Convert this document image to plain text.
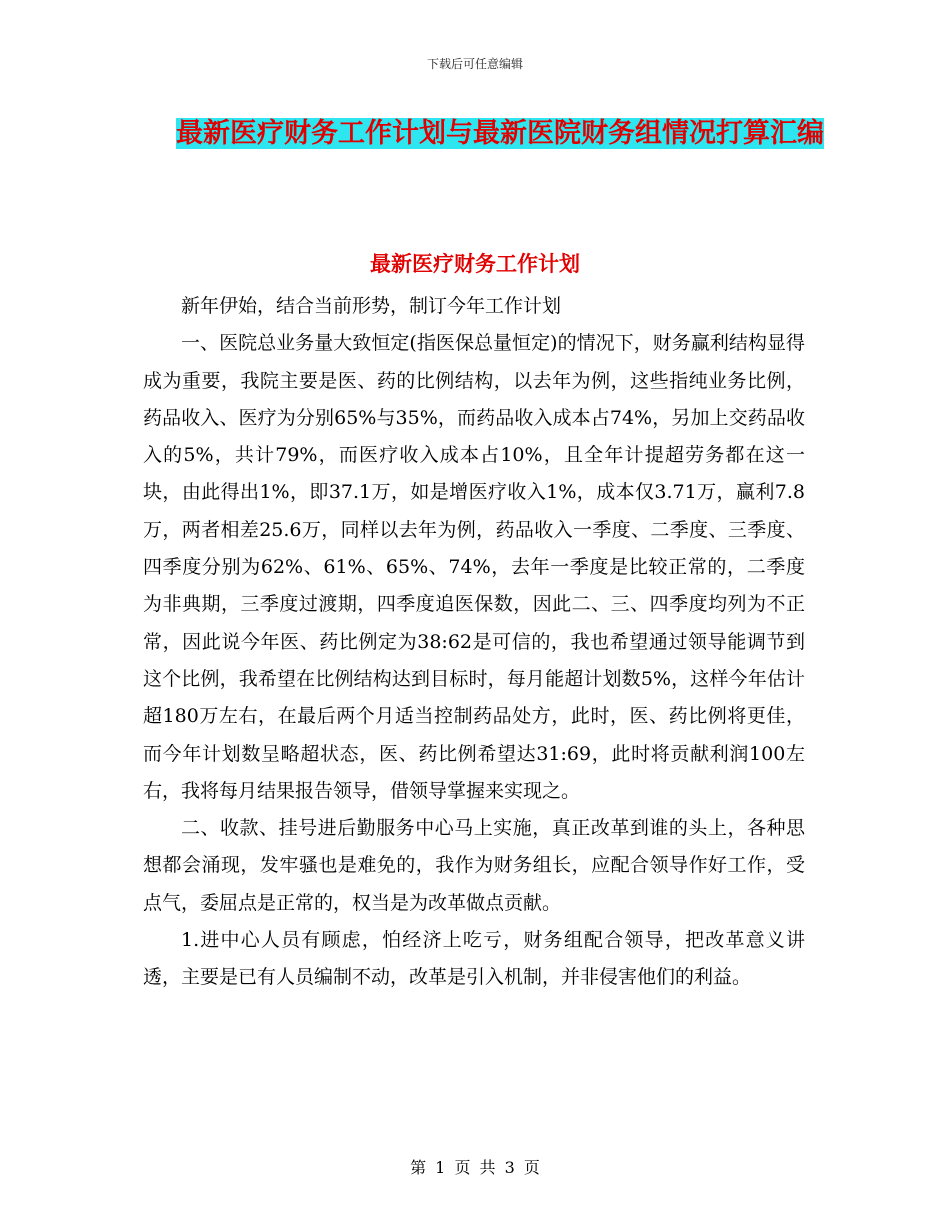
下载后可任意编辑
最新医疗财务工作计划与最新医院财务组情况打算汇编
最新医疗财务工作计划

新年伊始，结合当前形势，制订今年工作计划

一、医院总业务量大致恒定(指医保总量恒定)的情况下，财务赢利结构显得成为重要，我院主要是医、药的比例结构，以去年为例，这些指纯业务比例，药品收入、医疗为分别65%与35%，而药品收入成本占74%，另加上交药品收入的5%，共计79%，而医疗收入成本占10%，且全年计提超劳务都在这一块，由此得出1%，即37.1万，如是增医疗收入1%，成本仅3.71万，赢利7.8万，两者相差25.6万，同样以去年为例，药品收入一季度、二季度、三季度、四季度分别为62%、61%、65%、74%，去年一季度是比较正常的，二季度为非典期，三季度过渡期，四季度追医保数，因此二、三、四季度均列为不正常，因此说今年医、药比例定为38:62是可信的，我也希望通过领导能调节到这个比例，我希望在比例结构达到目标时，每月能超计划数5%，这样今年估计超180万左右，在最后两个月适当控制药品处方，此时，医、药比例将更佳，而今年计划数呈略超状态，医、药比例希望达31:69，此时将贡献利润100左右，我将每月结果报告领导，借领导掌握来实现之。

二、收款、挂号进后勤服务中心马上实施，真正改革到谁的头上，各种思想都会涌现，发牢骚也是难免的，我作为财务组长，应配合领导作好工作，受点气，委屈点是正常的，权当是为改革做点贡献。

1.进中心人员有顾虑，怕经济上吃亏，财务组配合领导，把改革意义讲透，主要是已有人员编制不动，改革是引入机制，并非侵害他们的利益。

第 1 页 共 3 页
